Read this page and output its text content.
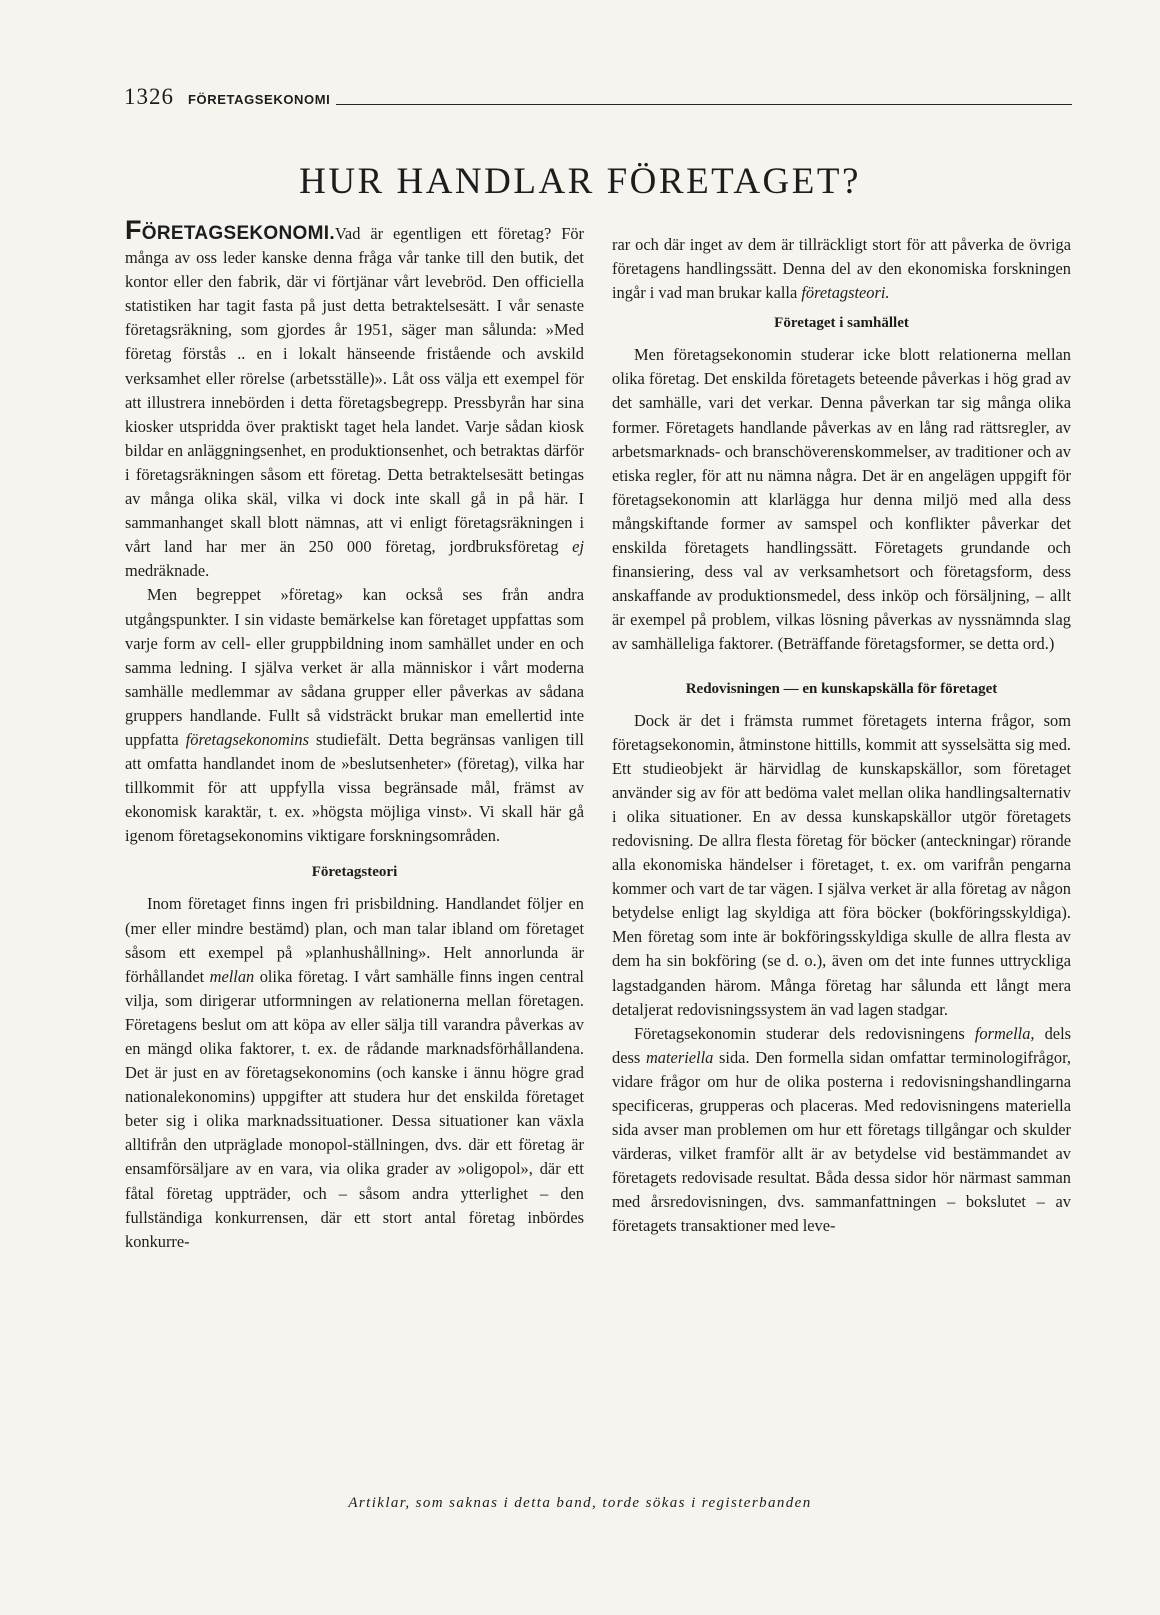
1326 FÖRETAGSEKONOMI
HUR HANDLAR FÖRETAGET?

FÖRETAGSEKONOMI.Vad är egentligen ett företag? För många av oss leder kanske denna fråga vår tanke till den butik, det kontor eller den fabrik, där vi förtjänar vårt levebröd. Den officiella statistiken har tagit fasta på just detta betraktelsesätt. I vår senaste företagsräkning, som gjordes år 1951, säger man sålunda: »Med företag förstås .. en i lokalt hänseende fristående och avskild verksamhet eller rörelse (arbetsställe)». Låt oss välja ett exempel för att illustrera innebörden i detta företagsbegrepp. Pressbyrån har sina kiosker utspridda över praktiskt taget hela landet. Varje sådan kiosk bildar en anläggningsenhet, en produktionsenhet, och betraktas därför i företagsräkningen såsom ett företag. Detta betraktelsesätt betingas av många olika skäl, vilka vi dock inte skall gå in på här. I sammanhanget skall blott nämnas, att vi enligt företagsräkningen i vårt land har mer än 250 000 företag, jordbruksföretag ej medräknade.

Men begreppet »företag» kan också ses från andra utgångspunkter. I sin vidaste bemärkelse kan företaget uppfattas som varje form av cell- eller gruppbildning inom samhället under en och samma ledning. I själva verket är alla människor i vårt moderna samhälle medlemmar av sådana grupper eller påverkas av sådana gruppers handlande. Fullt så vidsträckt brukar man emellertid inte uppfatta företagsekonomins studiefält. Detta begränsas vanligen till att omfatta handlandet inom de »beslutsenheter» (företag), vilka har tillkommit för att uppfylla vissa begränsade mål, främst av ekonomisk karaktär, t. ex. »högsta möjliga vinst». Vi skall här gå igenom företagsekonomins viktigare forskningsområden.

Företagsteori

Inom företaget finns ingen fri prisbildning. Handlandet följer en (mer eller mindre bestämd) plan, och man talar ibland om företaget såsom ett exempel på »planhushållning». Helt annorlunda är förhållandet mellan olika företag. I vårt samhälle finns ingen central vilja, som dirigerar utformningen av relationerna mellan företagen. Företagens beslut om att köpa av eller sälja till varandra påverkas av en mängd olika faktorer, t. ex. de rådande marknadsförhållandena. Det är just en av företagsekonomins (och kanske i ännu högre grad nationalekonomins) uppgifter att studera hur det enskilda företaget beter sig i olika marknadssituationer. Dessa situationer kan växla alltifrån den utpräglade monopol-ställningen, dvs. där ett företag är ensamförsäljare av en vara, via olika grader av »oligopol», där ett fåtal företag uppträder, och – såsom andra ytterlighet – den fullständiga konkurrensen, där ett stort antal företag inbördes konkurre-

rar och där inget av dem är tillräckligt stort för att påverka de övriga företagens handlingssätt. Denna del av den ekonomiska forskningen ingår i vad man brukar kalla företagsteori.

Företaget i samhället

Men företagsekonomin studerar icke blott relationerna mellan olika företag. Det enskilda företagets beteende påverkas i hög grad av det samhälle, vari det verkar. Denna påverkan tar sig många olika former. Företagets handlande påverkas av en lång rad rättsregler, av arbetsmarknads- och branschöverenskommelser, av traditioner och av etiska regler, för att nu nämna några. Det är en angelägen uppgift för företagsekonomin att klarlägga hur denna miljö med alla dess mångskiftande former av samspel och konflikter påverkar det enskilda företagets handlingssätt. Företagets grundande och finansiering, dess val av verksamhetsort och företagsform, dess anskaffande av produktionsmedel, dess inköp och försäljning, – allt är exempel på problem, vilkas lösning påverkas av nyssnämnda slag av samhälleliga faktorer. (Beträffande företagsformer, se detta ord.)

Redovisningen — en kunskapskälla för företaget

Dock är det i främsta rummet företagets interna frågor, som företagsekonomin, åtminstone hittills, kommit att sysselsätta sig med. Ett studieobjekt är härvidlag de kunskapskällor, som företaget använder sig av för att bedöma valet mellan olika handlingsalternativ i olika situationer. En av dessa kunskapskällor utgör företagets redovisning. De allra flesta företag för böcker (anteckningar) rörande alla ekonomiska händelser i företaget, t. ex. om varifrån pengarna kommer och vart de tar vägen. I själva verket är alla företag av någon betydelse enligt lag skyldiga att föra böcker (bokföringsskyldiga). Men företag som inte är bokföringsskyldiga skulle de allra flesta av dem ha sin bokföring (se d. o.), även om det inte funnes uttryckliga lagstadganden härom. Många företag har sålunda ett långt mera detaljerat redovisningssystem än vad lagen stadgar.

Företagsekonomin studerar dels redovisningens formella, dels dess materiella sida. Den formella sidan omfattar terminologifrågor, vidare frågor om hur de olika posterna i redovisningshandlingarna specificeras, grupperas och placeras. Med redovisningens materiella sida avser man problemen om hur ett företags tillgångar och skulder värderas, vilket framför allt är av betydelse vid bestämmandet av företagets redovisade resultat. Båda dessa sidor hör närmast samman med årsredovisningen, dvs. sammanfattningen – bokslutet – av företagets transaktioner med leve-

Artiklar, som saknas i detta band, torde sökas i registerbanden
